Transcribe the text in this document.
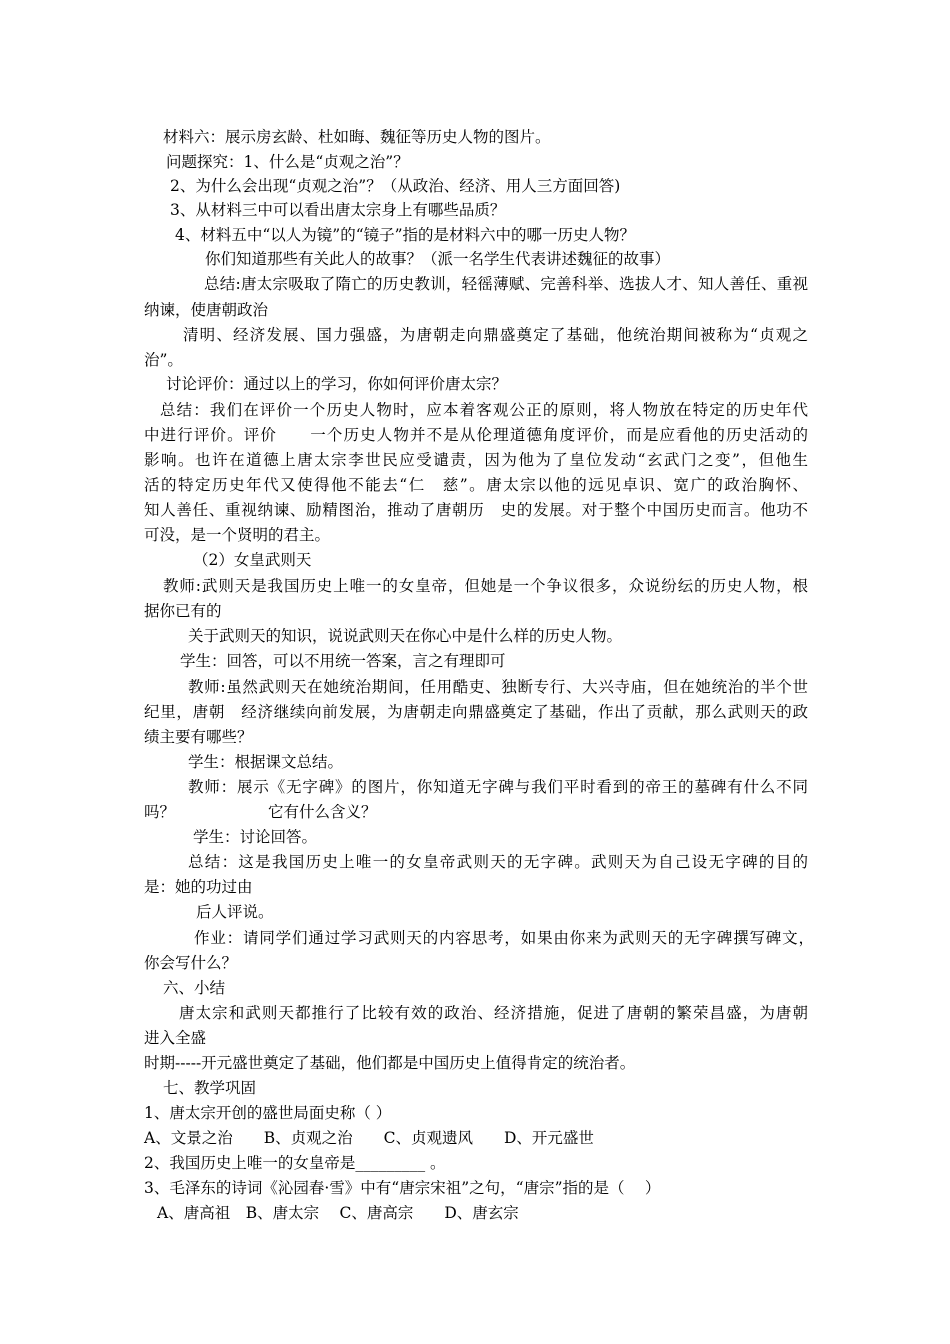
材料六：展示房玄龄、杜如晦、魏征等历史人物的图片。
问题探究：1、什么是“贞观之治”？
2、为什么会出现“贞观之治”？（从政治、经济、用人三方面回答)
3、从材料三中可以看出唐太宗身上有哪些品质？
4、材料五中“以人为镜”的“镜子”指的是材料六中的哪一历史人物？
你们知道那些有关此人的故事？（派一名学生代表讲述魏征的故事）
总结:唐太宗吸取了隋亡的历史教训，轻徭薄赋、完善科举、选拔人才、知人善任、重视
纳谏，使唐朝政治
清明、经济发展、国力强盛，为唐朝走向鼎盛奠定了基础，他统治期间被称为“贞观之
治”。
讨论评价：通过以上的学习，你如何评价唐太宗？
总结：我们在评价一个历史人物时，应本着客观公正的原则，将人物放在特定的历史年代
中进行评价。评价　　一个历史人物并不是从伦理道德角度评价，而是应看他的历史活动的
影响。也许在道德上唐太宗李世民应受谴责，因为他为了皇位发动“玄武门之变”，但他生
活的特定历史年代又使得他不能去“仁　慈”。唐太宗以他的远见卓识、宽广的政治胸怀、
知人善任、重视纳谏、励精图治，推动了唐朝历　史的发展。对于整个中国历史而言。他功不
可没，是一个贤明的君主。
（2）女皇武则天
教师:武则天是我国历史上唯一的女皇帝，但她是一个争议很多，众说纷纭的历史人物，根
据你已有的
关于武则天的知识，说说武则天在你心中是什么样的历史人物。
学生：回答，可以不用统一答案，言之有理即可
教师:虽然武则天在她统治期间，任用酷吏、独断专行、大兴寺庙，但在她统治的半个世
纪里，唐朝　经济继续向前发展，为唐朝走向鼎盛奠定了基础，作出了贡献，那么武则天的政
绩主要有哪些？
学生：根据课文总结。
教师：展示《无字碑》的图片，你知道无字碑与我们平时看到的帝王的墓碑有什么不同
吗？　　　　　　它有什么含义？
学生：讨论回答。
总结：这是我国历史上唯一的女皇帝武则天的无字碑。武则天为自己设无字碑的目的
是：她的功过由
后人评说。
作业：请同学们通过学习武则天的内容思考，如果由你来为武则天的无字碑撰写碑文，
你会写什么？
六、小结
唐太宗和武则天都推行了比较有效的政治、经济措施，促进了唐朝的繁荣昌盛，为唐朝
进入全盛
时期-----开元盛世奠定了基础，他们都是中国历史上值得肯定的统治者。
七、教学巩固
1、唐太宗开创的盛世局面史称（ ）
A、文景之治　　B、贞观之治　　C、贞观遗风　　D、开元盛世
2、我国历史上唯一的女皇帝是_________ 。
3、毛泽东的诗词《沁园春·雪》中有“唐宗宋祖”之句，“唐宗”指的是（　 ）
A、唐高祖　B、唐太宗　 C、唐高宗　　D、唐玄宗
